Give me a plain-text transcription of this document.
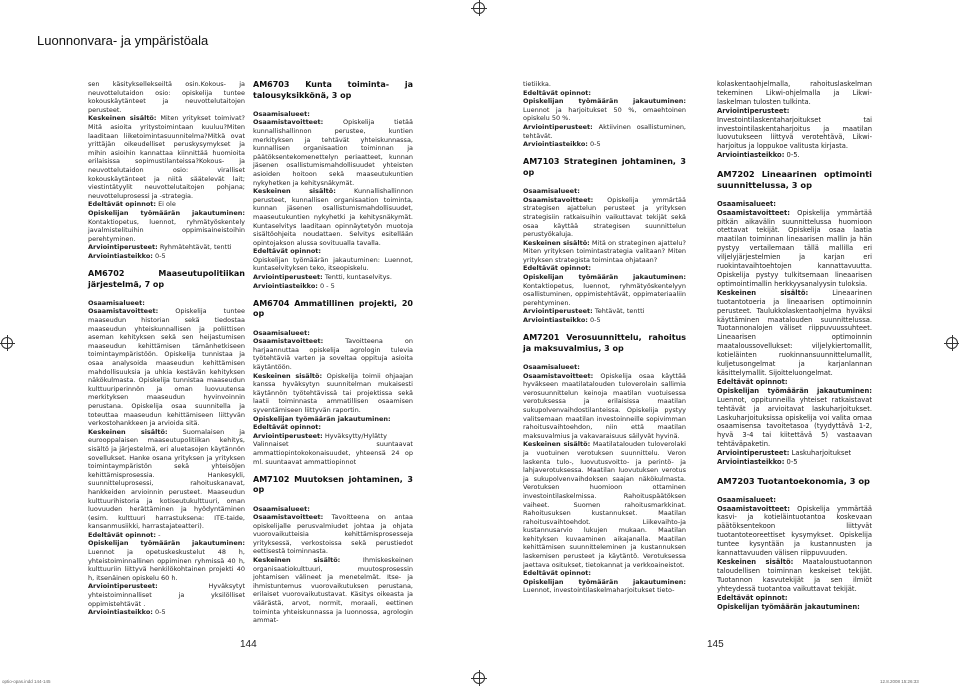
Luonnonvara- ja ympäristöala

sen käsityksellekseiltä osin.Kokous- ja neuvottelutaidon osio: opiskelija tuntee kokouskäytänteet ja neuvottelutaitojen perusteet.

Keskeinen sisältö: Miten yritykset toimivat?Mitä asioita yritystoimintaan kuuluu?Miten laaditaan liiketoimintasuunnitelma?Mitkä ovat yrittäjän oikeudelliset peruskysymykset ja mihin asioihin kannattaa kiinnittää huomioita erilaisissa sopimustilanteissa?Kokous- ja neuvottelutaidon osio: viralliset kokouskäytänteet ja niitä säätelevät lait; viestintätyylit neuvottelutaitojen pohjana; neuvotteluprosessi ja -strategia.

Edeltävät opinnot: Ei ole

Opiskelijan työmäärän jakautuminen: Kontaktiopetus, luennot, ryhmätyöskentely javalmistelituihin oppimisaineistoihin perehtyminen.

Arviointiperusteet: Ryhmätehtävät, tentti

Arviointiasteikko: 0-5

AM6702 Maaseutupolitiikan järjestelmä, 7 op

Osaamisalueet:

Osaamistavoitteet: Opiskelija tuntee maaseudun historian sekä tiedostaa maaseudun yhteiskunnallisen ja poliittisen aseman kehityksen sekä sen heijastumisen maaseudun kehittämisen tämänhetkiseen toimintaympäristöön. Opiskelija tunnistaa ja osaa analysoida maaseudun kehittämisen mahdollisuuksia ja uhkia kestävän kehityksen näkökulmasta. Opiskelija tunnistaa maaseudun kulttuuriperinnön ja oman luovuutensa merkityksen maaseudun hyvinvoinnin perustana. Opiskelija osaa suunnitella ja toteuttaa maaseudun kehittämiseen liittyvän verkostohankkeen ja arvioida sitä.

Keskeinen sisältö: Suomalaisen ja eurooppalaisen maaseutupolitiikan kehitys, sisältö ja järjestelmä, eri aluetasojen käytännön sovellukset. Hanke osana yrityksen ja yrityksen toimintaympäristön sekä yhteisöjen kehittämisprosessia. Hankesykli, suunnitteluprosessi, rahoituskanavat, hankkeiden arvioinnin perusteet. Maaseudun kulttuurihistoria ja kotiseutukulttuuri, oman luovuuden herättäminen ja hyödyntäminen (esim. kulttuuri harrastuksena: ITE-taide, kansanmusiikki, harrastajateatteri).

Edeltävät opinnot: -

Opiskelijan työmäärän jakautuminen: Luennot ja opetuskeskustelut 48 h, yhteistoiminnallinen oppiminen ryhmissä 40 h, kulttuuriin liittyvä henkilökohtainen projekti 40 h, itsenäinen opiskelu 60 h.

Arviointiperusteet: Hyväksytyt yhteistoiminnalliset ja yksilölliset oppimistehtävät .

Arviointiasteikko: 0-5

AM6703 Kunta toiminta- ja talousyksikkönä, 3 op

Osaamisalueet:

Osaamistavoitteet: Opiskelija tietää kunnallishallinnon perustee, kuntien merkityksen ja tehtävät yhteiskunnassa, kunnallisen organisaation toiminnan ja päätöksentekomenettelyn periaatteet, kunnan jäsenen osallistumismahdollisuudet yhteisten asioiden hoitoon sekä maaseutukuntien nykyhetken ja kehitysnäkymät.

Keskeinen sisältö: Kunnallishallinnon perusteet, kunnallisen organisaation toiminta, kunnan jäsenen osallistumismahdollisuudet, maaseutukuntien nykyhetki ja kehitysnäkymät. Kuntaselvitys laaditaan opinnäytetyön muotoja sisältöohjeita noudattaen. Selvitys esitellään opintojakson alussa sovituualla tavalla.

Edeltävät opinnot:

Opiskelijan työmäärän jakautuminen: Luennot, kuntaselvityksen teko, itseopiskelu.

Arviointiperusteet: Tentti, kuntaselvitys.

Arviointiasteikko: 0 - 5

AM6704 Ammatillinen projekti, 20 op

Osaamisalueet:

Osaamistavoitteet: Tavoitteena on harjaannuttaa opiskelija agrologin tulevia työtehtäviä varten ja soveltaa oppituja asioita käytäntöön.

Keskeinen sisältö: Opiskelija toimii ohjaajan kanssa hyväksytyn suunnitelman mukaisesti käytännön työtehtävissä tai projektissa sekä laatii toiminnasta ammatillisen osaamisen syventämiseen liittyvän raportin.

Opiskelijan työmäärän jakautuminen:

Edeltävät opinnot:

Arviointiperusteet: Hyväksytty/Hylätty

Valinnaiset suuntaavat ammattiopintokokonaisuudet, yhteensä 24 op ml. suuntaavat ammattiopinnot

AM7102 Muutoksen johtaminen, 3 op

Osaamisalueet:

Osaamistavoitteet: Tavoitteena on antaa opiskelijalle perusvalmiudet johtaa ja ohjata vuorovaikutteisia kehittämisprosesseja yrityksessä, verkostoissa sekä perustiedot eettisestä toiminnasta.

Keskeinen sisältö: Ihmiskeskeinen organisaatiokulttuuri, muutosprosessin johtamisen välineet ja menetelmät. Itse- ja ihmistuntemus vuorovaikutuksen perustana, erilaiset vuorovaikutustavat. Käsitys oikeasta ja väärästä, arvot, normit, moraali, eettinen toiminta yhteiskunnassa ja luonnossa, agrologin ammat-

tietiikka.

Edeltävät opinnot:

Opiskelijan työmäärän jakautuminen: Luennot ja harjoitukset 50 %, omaehtoinen opiskelu 50 %.

Arviointiperusteet: Aktiivinen osallistuminen, tehtävät.

Arviointiasteikko: 0-5

AM7103 Strateginen johtaminen, 3 op

Osaamisalueet:

Osaamistavoitteet: Opiskelija ymmärtää strategisen ajattelun perusteet ja yrityksen strategisiin ratkaisuihin vaikuttavat tekijät sekä osaa käyttää strategisen suunnittelun perustyökaluja.

Keskeinen sisältö: Mitä on strateginen ajattelu? Miten yrityksen toimintastrategia valitaan? Miten yrityksen strategista toimintaa ohjataan?

Edeltävät opinnot:

Opiskelijan työmäärän jakautuminen: Kontaktiopetus, luennot, ryhmätyöskentelyyn osallistuminen, oppimistehtävät, oppimateriaaliin perehtyminen.

Arviointiperusteet: Tehtävät, tentti

Arviointiasteikko: 0-5

AM7201 Verosuunnittelu, rahoitus ja maksuvalmius, 3 op

Osaamisalueet:

Osaamistavoitteet: Opiskelija osaa käyttää hyväkseen maatilatalouden tuloverolain sallimia verosuunnittelun keinoja maatilan vuotuisessa verotuksessa ja erilaisissa maatilan sukupolvenvaihdostilanteissa. Opiskelija pystyy valitsemaan maatilan investoinneille sopivimman rahoitusvaihtoehdon, niin että maatilan maksuvalmius ja vakavaraisuus säilyvät hyvinä.

Keskeinen sisältö: Maatilatalouden tuloverolaki ja vuotuinen verotuksen suunnittelu. Veron laskenta tulo-, luovutusvoitto- ja perintö- ja lahjaverotuksessa. Maatilan luovutuksen verotus ja sukupolvenvaihdoksen saajan näkökulmasta. Verotuksen huomioon ottaminen investointilaskelmissa. Rahoituspäätöksen vaiheet. Suomen rahoitusmarkkinat. Rahoitusuksen kustannukset. Maatilan rahoitusvaihtoehdot. Liikevaihto-ja kustannusarvio lukujen mukaan. Maatilan kehityksen kuvaaminen aikajanalla. Maatilan kehittämisen suunnitteleminen ja kustannuksen laskemisen perusteet ja käytäntö. Verotuksessa jaettava ositukset, tietokannat ja verkkoaineistot.

Edeltävät opinnot:

Opiskelijan työmäärän jakautuminen: Luennot, investointilaskelmaharjoitukset tieto-

kolaskentaohjelmalla, rahoituslaskelman tekeminen Likwi-ohjelmalla ja Likwi-laskelman tulosten tulkinta.

Arviointiperusteet: Investointilaskentaharjoitukset tai investointilaskentaharjoitus ja maatilan luovutukseen liittyvä verotehtävä, Likwi-harjoitus ja loppukoe valitusta kirjasta.

Arviointiasteikko: 0-5.

AM7202 Lineaarinen optimointi suunnittelussa, 3 op

Osaamisalueet:

Osaamistavoitteet: Opiskelija ymmärtää pitkän aikavälin suunnittelussa huomioon otettavat tekijät. Opiskelija osaa laatia maatilan toiminnan lineaarisen mallin ja hän pystyy vertailemaan tällä mallilla eri viljelyjärjestelmien ja karjan eri ruokintavaihtoehtojen kannattavuutta. Opiskelija pystyy tulkitsemaan lineaarisen optimointimallin herkkyysanalyysin tuloksia.

Keskeinen sisältö: Lineaarinen tuotantotoeria ja lineaarisen optimoinnin perusteet. Taulukkolaskentaohjelma hyväksi käyttäminen maatalouden suunnittelussa. Tuotannonalojen väliset riippuvuussuhteet. Lineaarisen optimoinnin maataloussovellukset: viljelykiertomallit, kotieläinten ruokinnansuunnittelumallit, kuljetusongelmat ja karjanlannan käsittelymallit. Sijoitteluongelmat.

Edeltävät opinnot:

Opiskelijan työmäärän jakautuminen: Luennot, oppitunneilla yhteiset ratkaistavat tehtävät ja arvioitavat laskuharjoitukset. Laskuharjoituksissa opiskelija voi valita omaa osaamisensa tavoitetasoa (tyydyttävä 1-2, hyvä 3-4 tai kiitettävä 5) vastaavan tehtäväpaketin.

Arviointiperusteet: Laskuharjoitukset

Arviointiasteikko: 0-5

AM7203 Tuotantoekonomia, 3 op

Osaamisalueet:

Osaamistavoitteet: Opiskelija ymmärtää kasvi- ja kotieläintuotantoa koskevaan päätöksentekoon liittyvät tuotantoteoreettiset kysymykset. Opiskelija tuntee kysyntään ja kustannusten ja kannattavuuden välisen riippuvuuden.

Keskeinen sisältö: Maataloustuotannon taloudellisen toiminnan keskeiset tekijät. Tuotannon kasvutekijät ja sen ilmiöt yhteydessä tuotantoa vaikuttavat tekijät.

Edeltävät opinnot:

Opiskelijan työmäärän jakautuminen:

144	145
optio-opas.indd 144-145	12.8.2008 15:26:33
